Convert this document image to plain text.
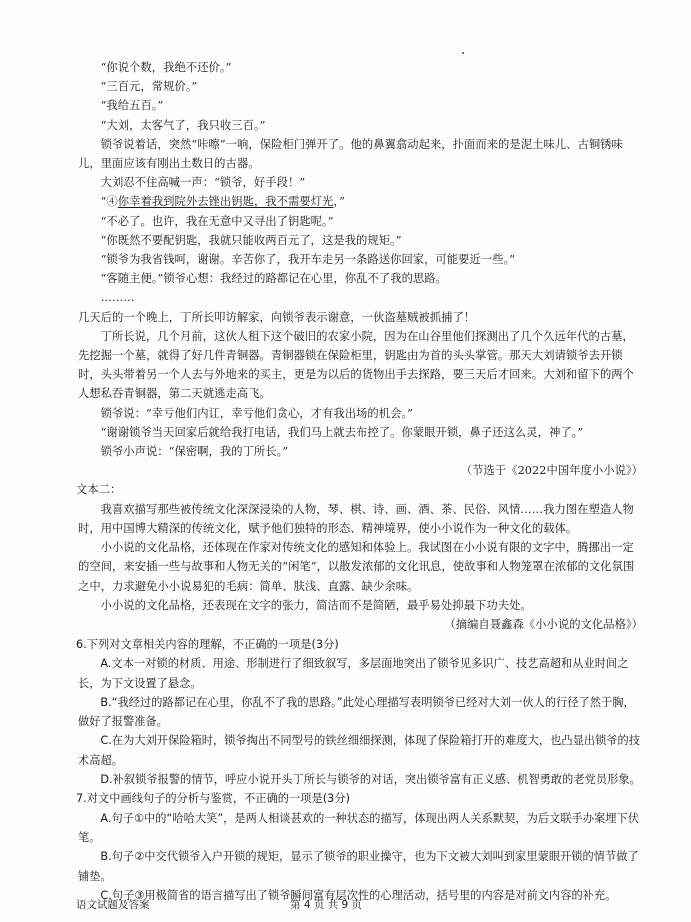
“你说个数，我绝不还价。”

“三百元，常规价。”

“我给五百。”

“大刘，太客气了，我只收三百。”

锁爷说着话，突然“咔嚓”一响，保险柜门弹开了。他的鼻翼翕动起来，扑面而来的是泥土味儿、古铜锈味儿，里面应该有刚出土数日的古器。

大刘忍不住高喊一声：“锁爷，好手段！”

“④你幸着我到院外去锉出钥匙，我不需要灯光，”

“不必了。也许，我在无意中又寻出了钥匙呢。”

“你既然不要配钥匙，我就只能收两百元了，这是我的规矩。”

“锁爷为我省钱呵，谢谢。辛苦你了，我开车走另一条路送你回家，可能要近一些。”

“客随主便。”锁爷心想：我经过的路都记在心里，你乱不了我的思路。

………

几天后的一个晚上，丁所长叩访解家，向锁爷表示谢意，一伙盗墓贼被抓捕了！

丁所长说，几个月前，这伙人租下这个破旧的农家小院，因为在山谷里他们探测出了几个久远年代的古墓，先挖掘一个墓，就得了好几件青铜器。青铜器锁在保险柜里，钥匙由为首的头头掌管。那天大刘请锁爷去开锁时，头头带着另一个人去与外地来的买主，更是为以后的货物出手去探路，要三天后才回来。大刘和留下的两个人想私吞青铜器，第二天就逃走高飞。

锁爷说：“幸亏他们内讧，幸亏他们贪心，才有我出场的机会。”

“谢谢锁爷当天回家后就给我打电话，我们马上就去布控了。你蒙眼开锁，鼻子还这么灵，神了。”

锁爷小声说：“保密啊，我的丁所长。”

（节选于《2022中国年度小小说》）

文本二：

我喜欢描写那些被传统文化深深浸染的人物，琴、棋、诗、画、酒、茶、民俗、风情……我力图在塑造人物时，用中国博大精深的传统文化，赋予他们独特的形态、精神境界，使小小说作为一种文化的载体。

小小说的文化品格，还体现在作家对传统文化的感知和体验上。我试图在小小说有限的文字中，腾挪出一定的空间，来安插一些与故事和人物无关的“闲笔”，以散发浓郁的文化讯息，使故事和人物笼罩在浓郁的文化氛围之中，力求避免小小说易犯的毛病：简单、肤浅、直露、缺少余味。

小小说的文化品格，还表现在文字的张力，简洁而不是简陋，最乎易处抑最下功夫处。

（摘编自聂鑫森《小小说的文化品格》）

6.下列对文章相关内容的理解，不正确的一项是(3分)

A.文本一对锁的材质、用途、形制进行了细致叙写，多层面地突出了锁爷见多识广、技艺高超和从业时间之长，为下文设置了悬念。

B.“我经过的路都记在心里，你乱不了我的思路。”此处心理描写表明锁爷已经对大刘一伙人的行径了然于胸，做好了报警准备。

C.在为大刘开保险箱时，锁爷掏出不同型号的铁丝细细探测，体现了保险箱打开的难度大，也凸显出锁爷的技术高超。

D.补叙锁爷报警的情节，呼应小说开头丁所长与锁爷的对话，突出锁爷富有正义感、机智勇敢的老党员形象。

7.对文中画线句子的分析与鉴赏，不正确的一项是(3分)

A.句子①中的“哈哈大笑”，是两人相谈甚欢的一种状态的描写，体现出两人关系默契，为后文联手办案埋下伏笔。

B.句子②中交代锁爷入户开锁的规矩，显示了锁爷的职业操守，也为下文被大刘叫到家里蒙眼开锁的情节做了铺垫。

C.句子③用极简省的语言描写出了锁爷瞬间富有层次性的心理活动，括号里的内容是对前文内容的补充。

语文试题及答案	第 4 页 共 9 页
